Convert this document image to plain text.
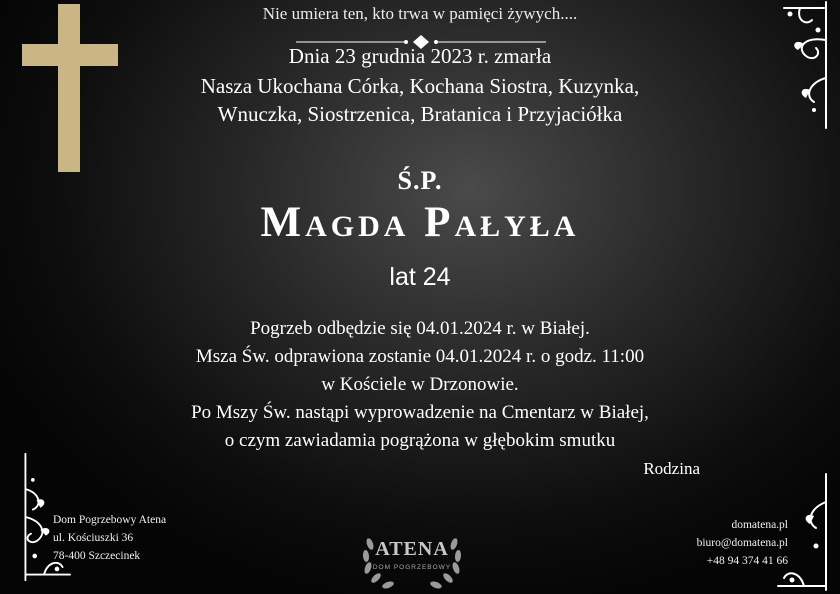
Nie umiera ten, kto trwa w pamięci żywych....
Dnia 23 grudnia 2023 r. zmarła
Nasza Ukochana Córka, Kochana Siostra, Kuzynka,
Wnuczka, Siostrzenica, Bratanica i Przyjaciółka
Ś.P.
Magda Pałyła
lat 24
Pogrzeb odbędzie się 04.01.2024 r. w Białej.
Msza Św. odprawiona zostanie 04.01.2024 r. o godz. 11:00
w Kościele w Drzonowie.
Po Mszy Św. nastąpi wyprowadzenie na Cmentarz w Białej,
o czym zawiadamia pogrążona w głębokim smutku
Rodzina
Dom Pogrzebowy Atena
ul. Kościuszki 36
78-400 Szczecinek	ATENA
DOM POGRZEBOWY
domatena.pl
biuro@domatena.pl
+48 94 374 41 66
